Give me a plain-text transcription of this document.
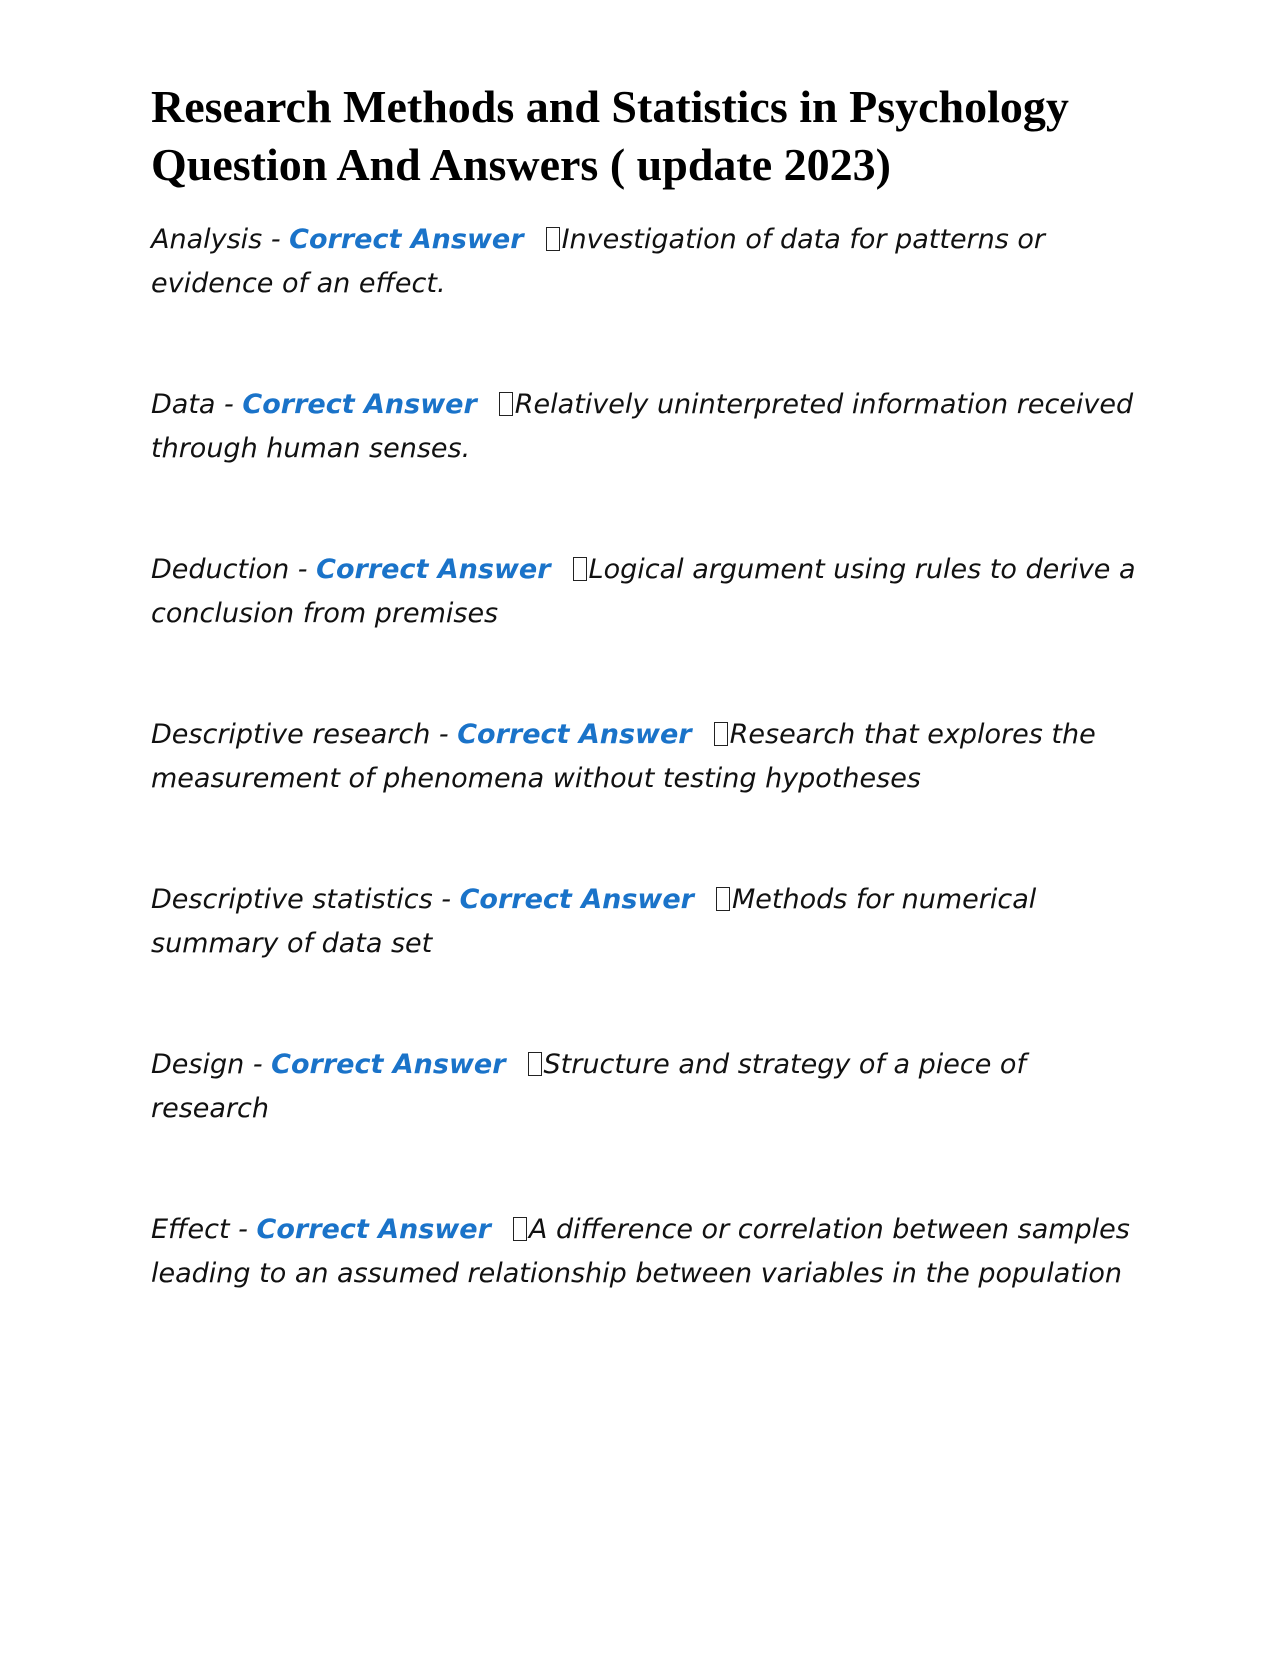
Research Methods and Statistics in Psychology Question And Answers ( update 2023)

Analysis - Correct Answer Investigation of data for patterns or evidence of an effect.

Data - Correct Answer Relatively uninterpreted information received through human senses.

Deduction - Correct Answer Logical argument using rules to derive a conclusion from premises

Descriptive research - Correct Answer Research that explores the measurement of phenomena without testing hypotheses

Descriptive statistics - Correct Answer Methods for numerical summary of data set

Design - Correct Answer Structure and strategy of a piece of research

Effect - Correct Answer A difference or correlation between samples leading to an assumed relationship between variables in the population
